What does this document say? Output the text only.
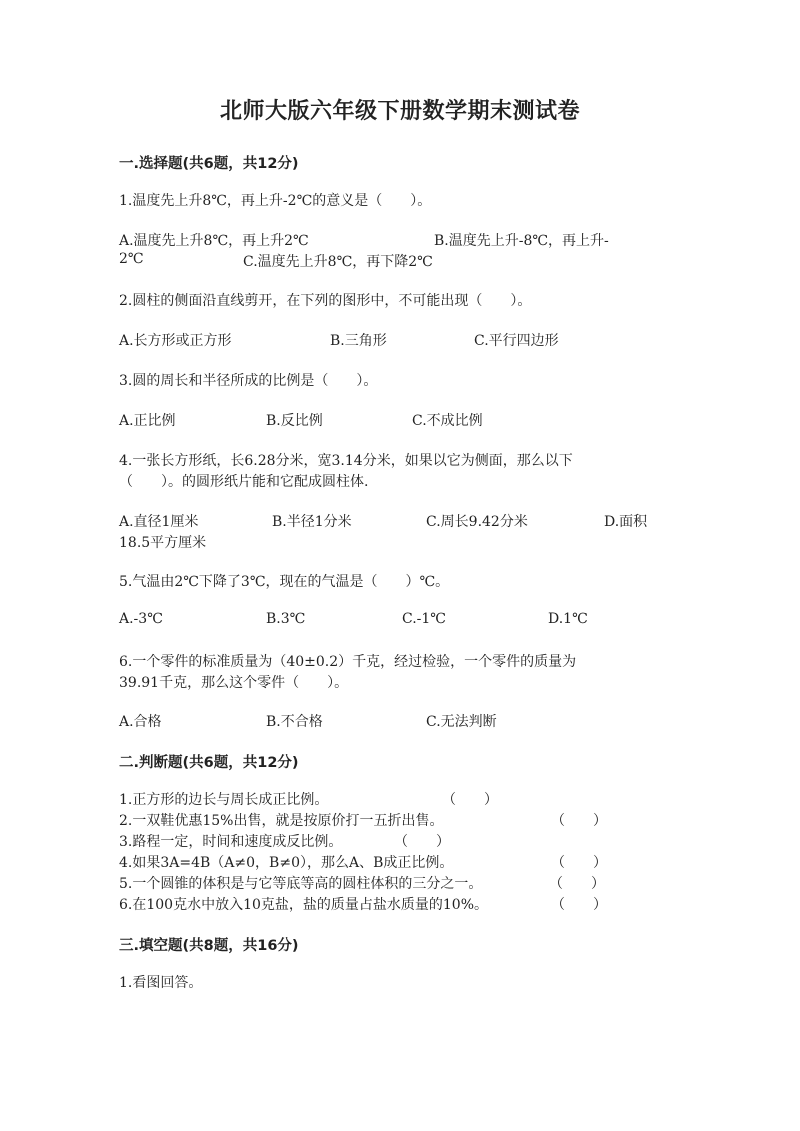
北师大版六年级下册数学期末测试卷
一.选择题(共6题，共12分)
1.温度先上升8℃，再上升-2℃的意义是（　　）。
A.温度先上升8℃，再上升2℃	B.温度先上升-8℃，再上升-
2℃	C.温度先上升8℃，再下降2℃
2.圆柱的侧面沿直线剪开，在下列的图形中，不可能出现（　　）。
A.长方形或正方形	B.三角形	C.平行四边形
3.圆的周长和半径所成的比例是（　　）。
A.正比例	B.反比例	C.不成比例
4.一张长方形纸，长6.28分米，宽3.14分米，如果以它为侧面，那么以下
（　　）。的圆形纸片能和它配成圆柱体.
A.直径1厘米	B.半径1分米	C.周长9.42分米	D.面积
18.5平方厘米
5.气温由2℃下降了3℃，现在的气温是（　　）℃。
A.-3℃	B.3℃	C.-1℃	D.1℃
6.一个零件的标准质量为（40±0.2）千克，经过检验，一个零件的质量为
39.91千克，那么这个零件（　　）。
A.合格	B.不合格	C.无法判断
二.判断题(共6题，共12分)
1.正方形的边长与周长成正比例。	（　　）
2.一双鞋优惠15%出售，就是按原价打一五折出售。	（　　）
3.路程一定，时间和速度成反比例。	（　　）
4.如果3A=4B（A≠0，B≠0），那么A、B成正比例。	（　　）
5.一个圆锥的体积是与它等底等高的圆柱体积的三分之一。	（　　）
6.在100克水中放入10克盐，盐的质量占盐水质量的10%。	（　　）
三.填空题(共8题，共16分)
1.看图回答。
